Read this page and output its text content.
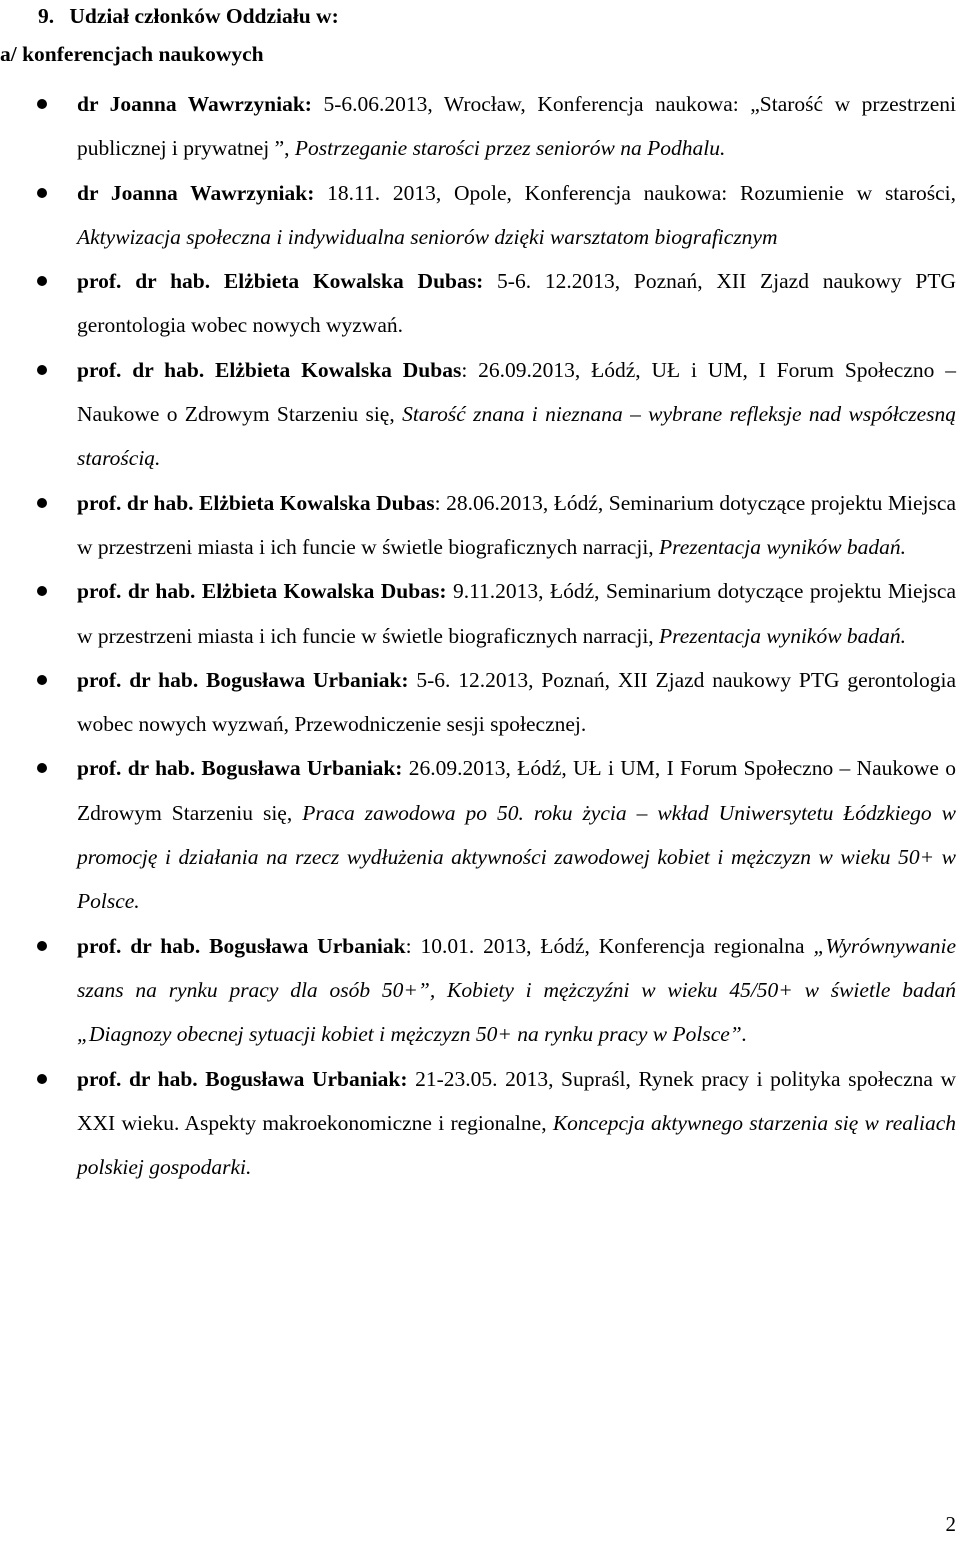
9. Udział członków Oddziału w:
a/ konferencjach naukowych
dr Joanna Wawrzyniak: 5-6.06.2013, Wrocław, Konferencja naukowa: „Starość w przestrzeni publicznej i prywatnej ”, Postrzeganie starości przez seniorów na Podhalu.
dr Joanna Wawrzyniak: 18.11. 2013, Opole, Konferencja naukowa: Rozumienie w starości, Aktywizacja społeczna i indywidualna seniorów dzięki warsztatom biograficznym
prof. dr hab. Elżbieta Kowalska Dubas: 5-6. 12.2013, Poznań, XII Zjazd naukowy PTG gerontologia wobec nowych wyzwań.
prof. dr hab. Elżbieta Kowalska Dubas: 26.09.2013, Łódź, UŁ i UM, I Forum Społeczno – Naukowe o Zdrowym Starzeniu się, Starość znana i nieznana – wybrane refleksje nad współczesną starością.
prof. dr hab. Elżbieta Kowalska Dubas: 28.06.2013, Łódź, Seminarium dotyczące projektu Miejsca w przestrzeni miasta i ich funcie w świetle biograficznych narracji, Prezentacja wyników badań.
prof. dr hab. Elżbieta Kowalska Dubas: 9.11.2013, Łódź, Seminarium dotyczące projektu Miejsca w przestrzeni miasta i ich funcie w świetle biograficznych narracji, Prezentacja wyników badań.
prof. dr hab. Bogusława Urbaniak: 5-6. 12.2013, Poznań, XII Zjazd naukowy PTG gerontologia wobec nowych wyzwań, Przewodniczenie sesji społecznej.
prof. dr hab. Bogusława Urbaniak: 26.09.2013, Łódź, UŁ i UM, I Forum Społeczno – Naukowe o Zdrowym Starzeniu się, Praca zawodowa po 50. roku życia – wkład Uniwersytetu Łódzkiego w promocję i działania na rzecz wydłużenia aktywności zawodowej kobiet i mężczyzn w wieku 50+ w Polsce.
prof. dr hab. Bogusława Urbaniak: 10.01. 2013, Łódź, Konferencja regionalna „Wyrównywanie szans na rynku pracy dla osób 50+”, Kobiety i mężczyźni w wieku 45/50+ w świetle badań „Diagnozy obecnej sytuacji kobiet i mężczyzn 50+ na rynku pracy w Polsce”.
prof. dr hab. Bogusława Urbaniak: 21-23.05. 2013, Supraśl, Rynek pracy i polityka społeczna w XXI wieku. Aspekty makroekonomiczne i regionalne, Koncepcja aktywnego starzenia się w realiach polskiej gospodarki.
2
